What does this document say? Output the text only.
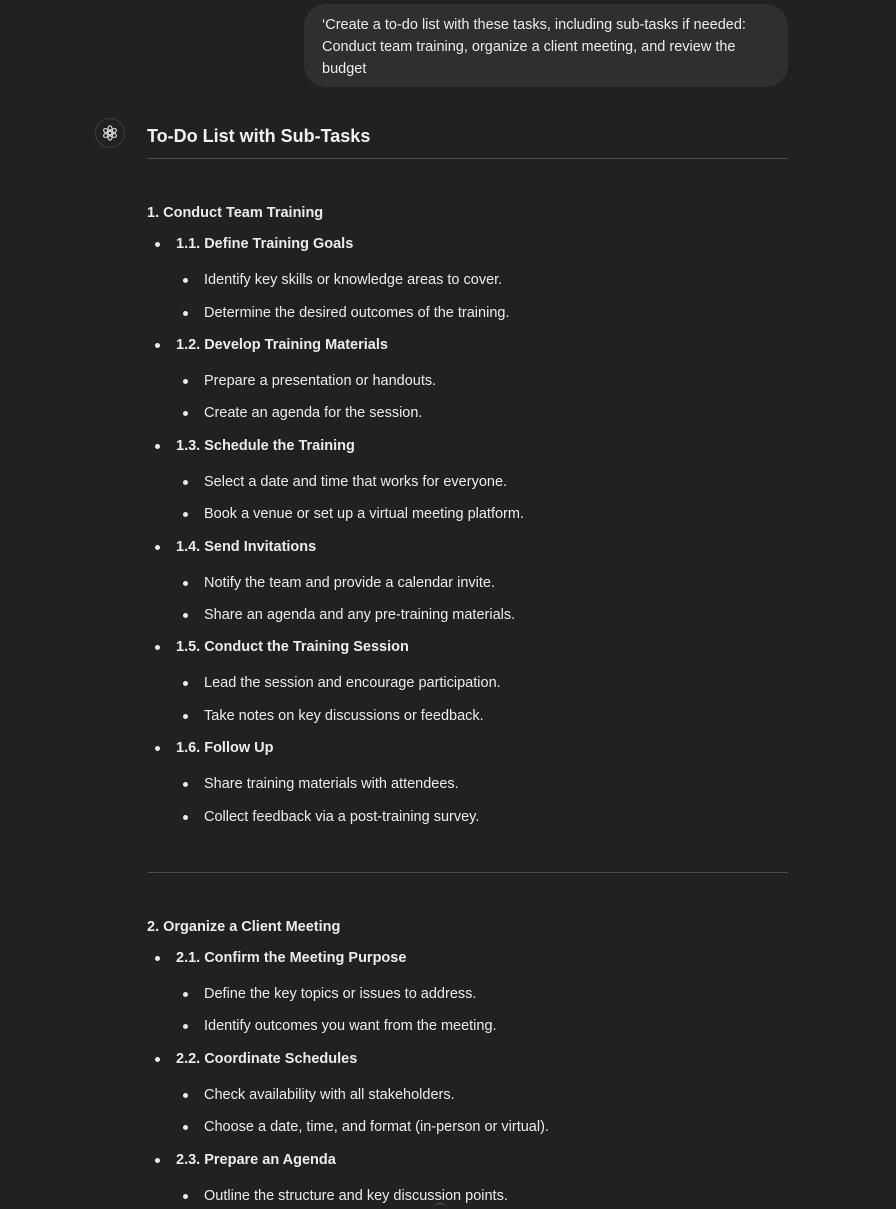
‘Create a to-do list with these tasks, including sub-tasks if needed:
Conduct team training, organize a client meeting, and review the
budget
To-Do List with Sub-Tasks
1. Conduct Team Training
1.1. Define Training Goals
Identify key skills or knowledge areas to cover.
Determine the desired outcomes of the training.
1.2. Develop Training Materials
Prepare a presentation or handouts.
Create an agenda for the session.
1.3. Schedule the Training
Select a date and time that works for everyone.
Book a venue or set up a virtual meeting platform.
1.4. Send Invitations
Notify the team and provide a calendar invite.
Share an agenda and any pre-training materials.
1.5. Conduct the Training Session
Lead the session and encourage participation.
Take notes on key discussions or feedback.
1.6. Follow Up
Share training materials with attendees.
Collect feedback via a post-training survey.
2. Organize a Client Meeting
2.1. Confirm the Meeting Purpose
Define the key topics or issues to address.
Identify outcomes you want from the meeting.
2.2. Coordinate Schedules
Check availability with all stakeholders.
Choose a date, time, and format (in-person or virtual).
2.3. Prepare an Agenda
Outline the structure and key discussion points.
